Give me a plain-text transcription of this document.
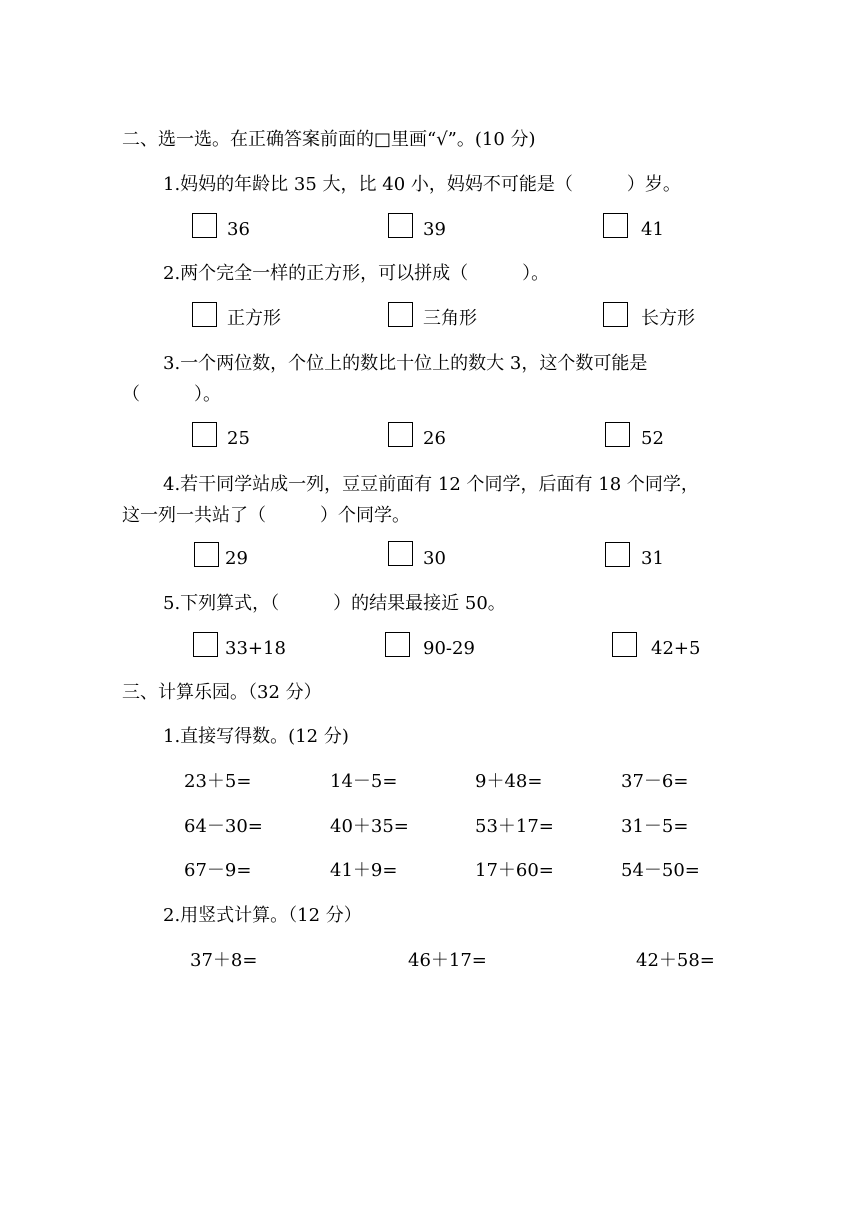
二、选一选。在正确答案前面的□里画“√”。(10 分)
1.妈妈的年龄比 35 大，比 40 小，妈妈不可能是（　　　）岁。
36	39	41
2.两个完全一样的正方形，可以拼成（　　　）。
正方形	三角形	长方形
3.一个两位数，个位上的数比十位上的数大 3，这个数可能是
（　　　）。
25	26	52
4.若干同学站成一列，豆豆前面有 12 个同学，后面有 18 个同学，
这一列一共站了（　　　）个同学。
29	30	31
5.下列算式，（　　　）的结果最接近 50。
33+18	90-29	42+5
三、计算乐园。（32 分）
1.直接写得数。(12 分)
23＋5=	14－5=	9＋48=	37－6=
64－30=	40＋35=	53＋17=	31－5=
67－9=	41＋9=	17＋60=	54－50=
2.用竖式计算。（12 分）
37＋8=	46＋17=	42＋58=
